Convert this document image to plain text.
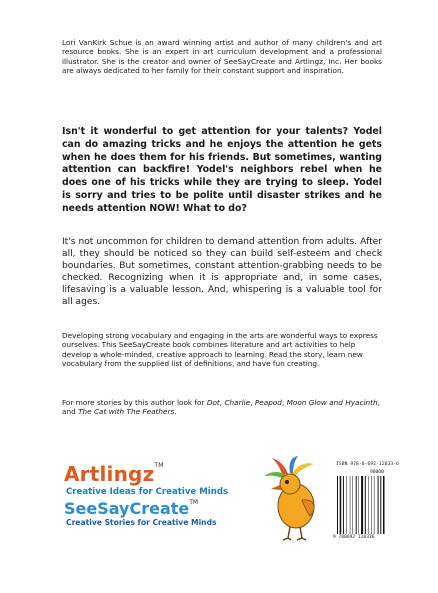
Lori VanKirk Schue is an award winning artist and author of many children's and art resource books. She is an expert in art curriculum development and a professional illustrator. She is the creator and owner of SeeSayCreate and Artlingz, Inc. Her books are always dedicated to her family for their constant support and inspiration.

Isn't it wonderful to get attention for your talents? Yodel can do amazing tricks and he enjoys the attention he gets when he does them for his friends. But sometimes, wanting attention can backfire! Yodel's neighbors rebel when he does one of his tricks while they are trying to sleep. Yodel is sorry and tries to be polite until disaster strikes and he needs attention NOW! What to do?

It's not uncommon for children to demand attention from adults. After all, they should be noticed so they can build self-esteem and check boundaries. But sometimes, constant attention-grabbing needs to be checked. Recognizing when it is appropriate and, in some cases, lifesaving is a valuable lesson. And, whispering is a valuable tool for all ages.

Developing strong vocabulary and engaging in the arts are wonderful ways to express ourselves. This SeeSayCreate book combines literature and art activities to help develop a whole-minded, creative approach to learning. Read the story, learn new vocabulary from the supplied list of definitions, and have fun creating.

For more stories by this author look for Dot, Charlie, Peapod, Moon Glow and Hyacinth, and The Cat with The Feathers.

Artlingz™
Creative Ideas for Creative Minds
SeeSayCreate™
Creative Stories for Creative Minds
ISBN 978-0-692-12833-6
90000
9 780692 128336
